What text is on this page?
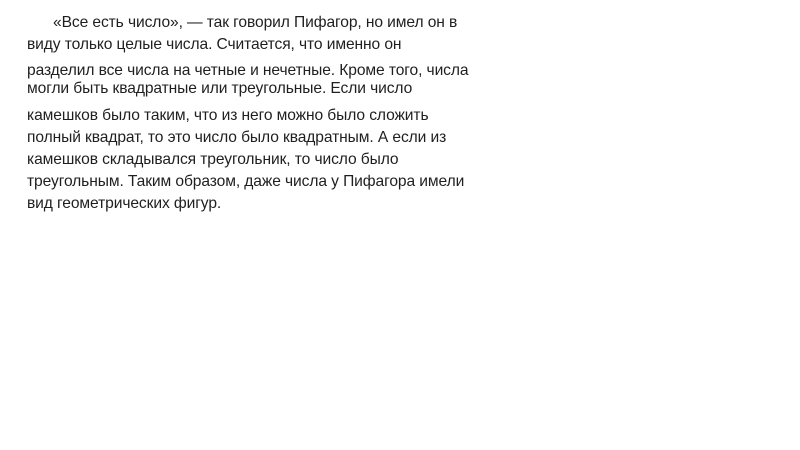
«Все есть число», — так говорил Пифагор, но имел он в
виду только целые числа. Считается, что именно он
разделил все числа на четные и нечетные. Кроме того, числа
могли быть квадратные или треугольные. Если число
камешков было таким, что из него можно было сложить
полный квадрат, то это число было квадратным. А если из
камешков складывался треугольник, то число было
треугольным. Таким образом, даже числа у Пифагора имели
вид геометрических фигур.
